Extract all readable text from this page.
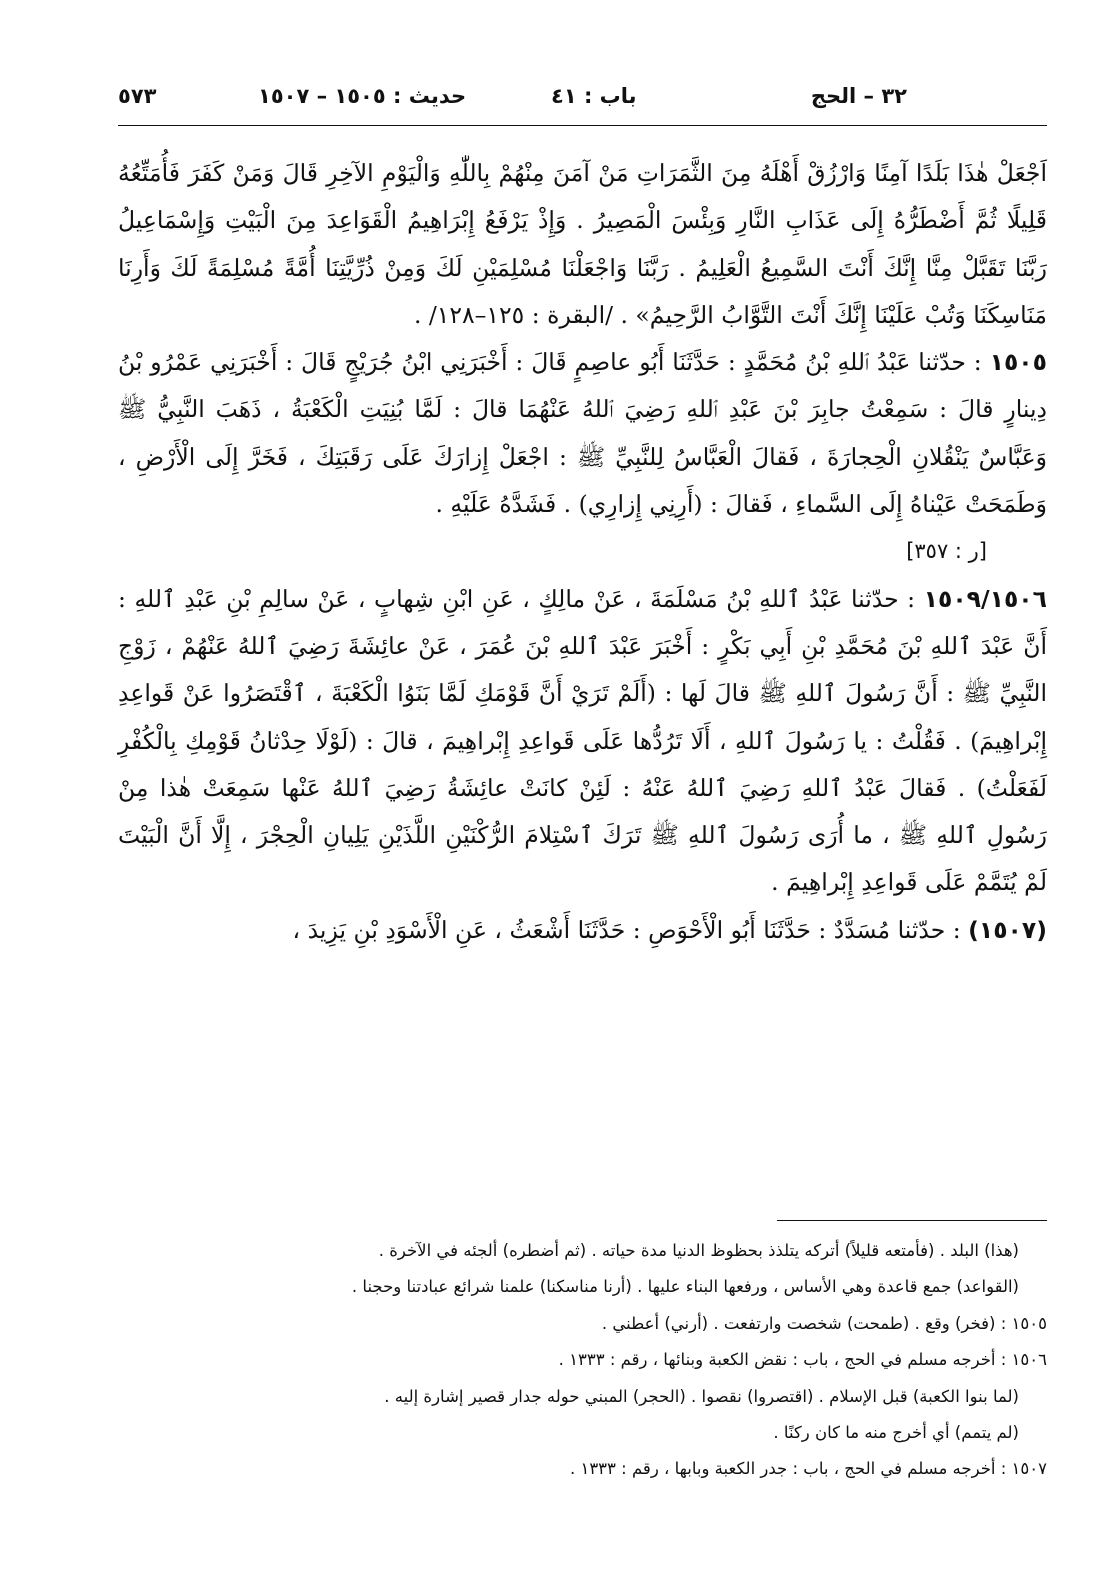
٣٢ – الحج
باب : ٤١
حديث : ١٥٠٥ – ١٥٠٧
٥٧٣

اَجْعَلْ هٰذَا بَلَدًا آمِنًا وَارْزُقْ أَهْلَهُ مِنَ الثَّمَرَاتِ مَنْ آمَنَ مِنْهُمْ بِاللّٰهِ وَالْيَوْمِ الآخِرِ قَالَ وَمَنْ كَفَرَ فَأُمَتِّعُهُ قَلِيلًا ثُمَّ أَضْطَرُّهُ إِلَى عَذَابِ النَّارِ وَبِئْسَ الْمَصِيرُ . وَإِذْ يَرْفَعُ إِبْرَاهِيمُ الْقَوَاعِدَ مِنَ الْبَيْتِ وَإِسْمَاعِيلُ رَبَّنَا تَقَبَّلْ مِنَّا إِنَّكَ أَنْتَ السَّمِيعُ الْعَلِيمُ . رَبَّنَا وَاجْعَلْنَا مُسْلِمَيْنِ لَكَ وَمِنْ ذُرِّيَّتِنَا أُمَّةً مُسْلِمَةً لَكَ وَأَرِنَا مَنَاسِكَنَا وَتُبْ عَلَيْنَا إِنَّكَ أَنْتَ التَّوَّابُ الرَّحِيمُ» . /البقرة : ١٢٥–١٢٨/ .

١٥٠٥ : حدّثنا عَبْدُ ٱللهِ بْنُ مُحَمَّدٍ : حَدَّثَنَا أَبُو عاصِمٍ قَالَ : أَخْبَرَنِي ابْنُ جُرَيْجٍ قَالَ : أَخْبَرَنِي عَمْرُو بْنُ دِينارٍ قالَ : سَمِعْتُ جابِرَ بْنَ عَبْدِ ٱللهِ رَضِيَ ٱللهُ عَنْهُمَا قالَ : لَمَّا بُنِيَتِ الْكَعْبَةُ ، ذَهَبَ النَّبِيُّ ﷺ وَعَبَّاسٌ يَنْقُلانِ الْحِجارَةَ ، فَقالَ الْعَبَّاسُ لِلنَّبِيِّ ﷺ : اجْعَلْ إِزارَكَ عَلَى رَقَبَتِكَ ، فَخَرَّ إِلَى الْأَرْضِ ، وَطَمَحَتْ عَيْناهُ إِلَى السَّماءِ ، فَقالَ : (أَرِنِي إِزارِي) . فَشَدَّهُ عَلَيْهِ .

[ر : ٣٥٧]

١٥٠٩/١٥٠٦ : حدّثنا عَبْدُ ٱللهِ بْنُ مَسْلَمَةَ ، عَنْ مالِكٍ ، عَنِ ابْنِ شِهابٍ ، عَنْ سالِمِ بْنِ عَبْدِ ٱللهِ : أَنَّ عَبْدَ ٱللهِ بْنَ مُحَمَّدِ بْنِ أَبِي بَكْرٍ : أَخْبَرَ عَبْدَ ٱللهِ بْنَ عُمَرَ ، عَنْ عائِشَةَ رَضِيَ ٱللهُ عَنْهُمْ ، زَوْجِ النَّبِيِّ ﷺ : أَنَّ رَسُولَ ٱللهِ ﷺ قالَ لَها : (أَلَمْ تَرَيْ أَنَّ قَوْمَكِ لَمَّا بَنَوُا الْكَعْبَةَ ، ٱقْتَصَرُوا عَنْ قَواعِدِ إِبْراهِيمَ) . فَقُلْتُ : يا رَسُولَ ٱللهِ ، أَلَا تَرُدُّها عَلَى قَواعِدِ إِبْراهِيمَ ، قالَ : (لَوْلَا حِدْثانُ قَوْمِكِ بِالْكُفْرِ لَفَعَلْتُ) . فَقالَ عَبْدُ ٱللهِ رَضِيَ ٱللهُ عَنْهُ : لَئِنْ كانَتْ عائِشَةُ رَضِيَ ٱللهُ عَنْها سَمِعَتْ هٰذا مِنْ رَسُولِ ٱللهِ ﷺ ، ما أُرَى رَسُولَ ٱللهِ ﷺ تَرَكَ ٱسْتِلامَ الرُّكْنَيْنِ اللَّذَيْنِ يَلِيانِ الْحِجْرَ ، إِلَّا أَنَّ الْبَيْتَ لَمْ يُتَمَّمْ عَلَى قَواعِدِ إِبْراهِيمَ .

(١٥٠٧) : حدّثنا مُسَدَّدٌ : حَدَّثَنَا أَبُو الْأَحْوَصِ : حَدَّثَنَا أَشْعَثُ ، عَنِ الْأَسْوَدِ بْنِ يَزِيدَ ،

(هذا) البلد . (فأمتعه قليلاً) أتركه يتلذذ بحظوظ الدنيا مدة حياته . (ثم أضطره) ألجئه في الآخرة .

(القواعد) جمع قاعدة وهي الأساس ، ورفعها البناء عليها . (أرنا مناسكنا) علمنا شرائع عبادتنا وحجنا .

١٥٠٥ : (فخر) وقع . (طمحت) شخصت وارتفعت . (أرني) أعطني .

١٥٠٦ : أخرجه مسلم في الحج ، باب : نقض الكعبة وبنائها ، رقم : ١٣٣٣ .

(لما بنوا الكعبة) قبل الإسلام . (اقتصروا) نقصوا . (الحجر) المبني حوله جدار قصير إشارة إليه .

(لم يتمم) أي أخرج منه ما كان ركنًا .

١٥٠٧ : أخرجه مسلم في الحج ، باب : جدر الكعبة وبابها ، رقم : ١٣٣٣ .
